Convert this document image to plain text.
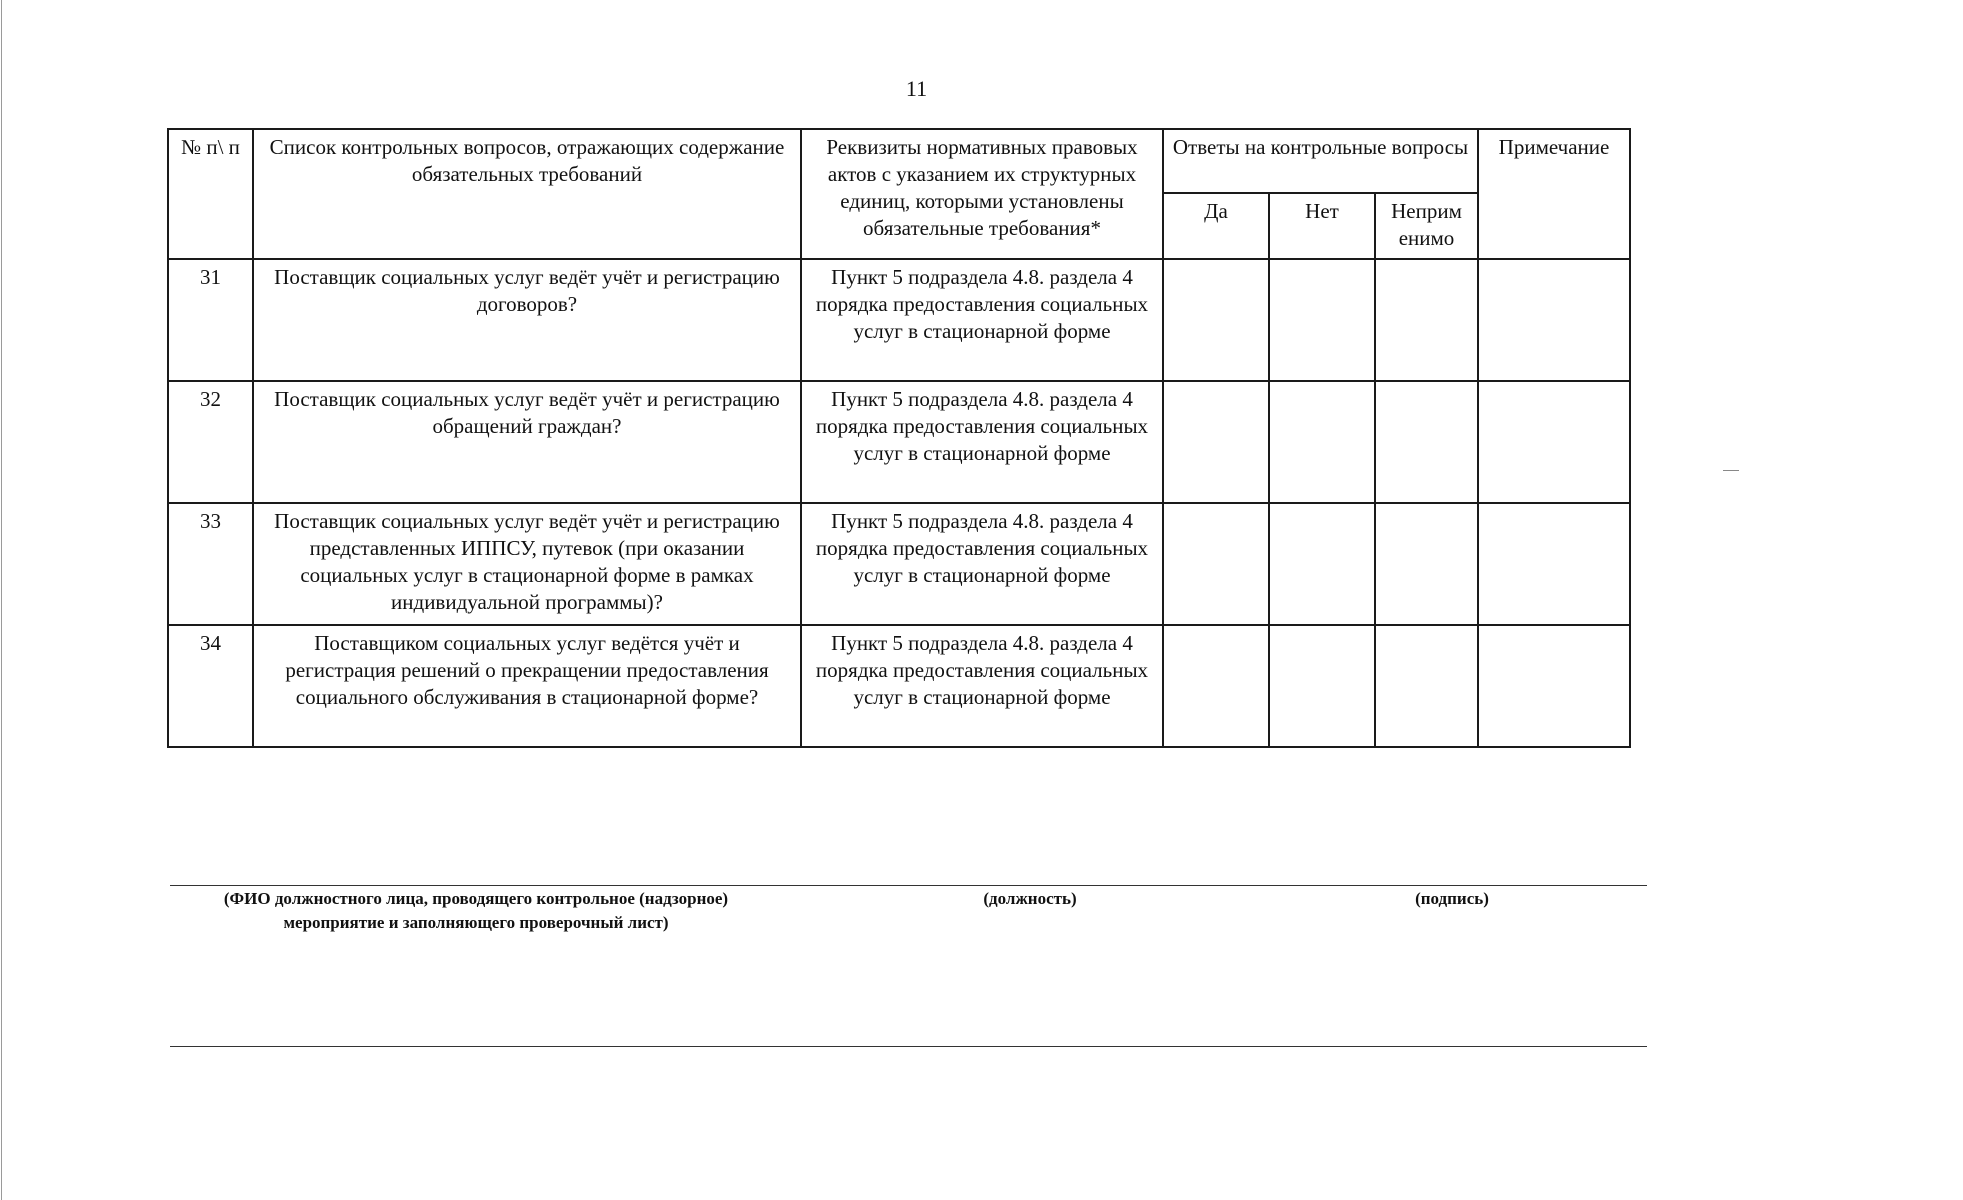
11
№ п\ п	Список контрольных вопросов, отражающих содержание обязательных требований	Реквизиты нормативных правовых актов с указанием их структурных единиц, которыми установлены обязательные требования*	Ответы на контрольные вопросы			Примечание
			Да	Нет	Неприм енимо	
31	Поставщик социальных услуг ведёт учёт и регистрацию договоров?	Пункт 5 подраздела 4.8. раздела 4 порядка предоставления социальных услуг в стационарной форме				
32	Поставщик социальных услуг ведёт учёт и регистрацию обращений граждан?	Пункт 5 подраздела 4.8. раздела 4 порядка предоставления социальных услуг в стационарной форме				
33	Поставщик социальных услуг ведёт учёт и регистрацию представленных ИППСУ, путевок (при оказании социальных услуг в стационарной форме в рамках индивидуальной программы)?	Пункт 5 подраздела 4.8. раздела 4 порядка предоставления социальных услуг в стационарной форме				
34	Поставщиком социальных услуг ведётся учёт и регистрация решений о прекращении предоставления социального обслуживания в стационарной форме?	Пункт 5 подраздела 4.8. раздела 4 порядка предоставления социальных услуг в стационарной форме				
(ФИО должностного лица, проводящего контрольное (надзорное)
мероприятие и заполняющего проверочный лист)
(должность)	(подпись)
